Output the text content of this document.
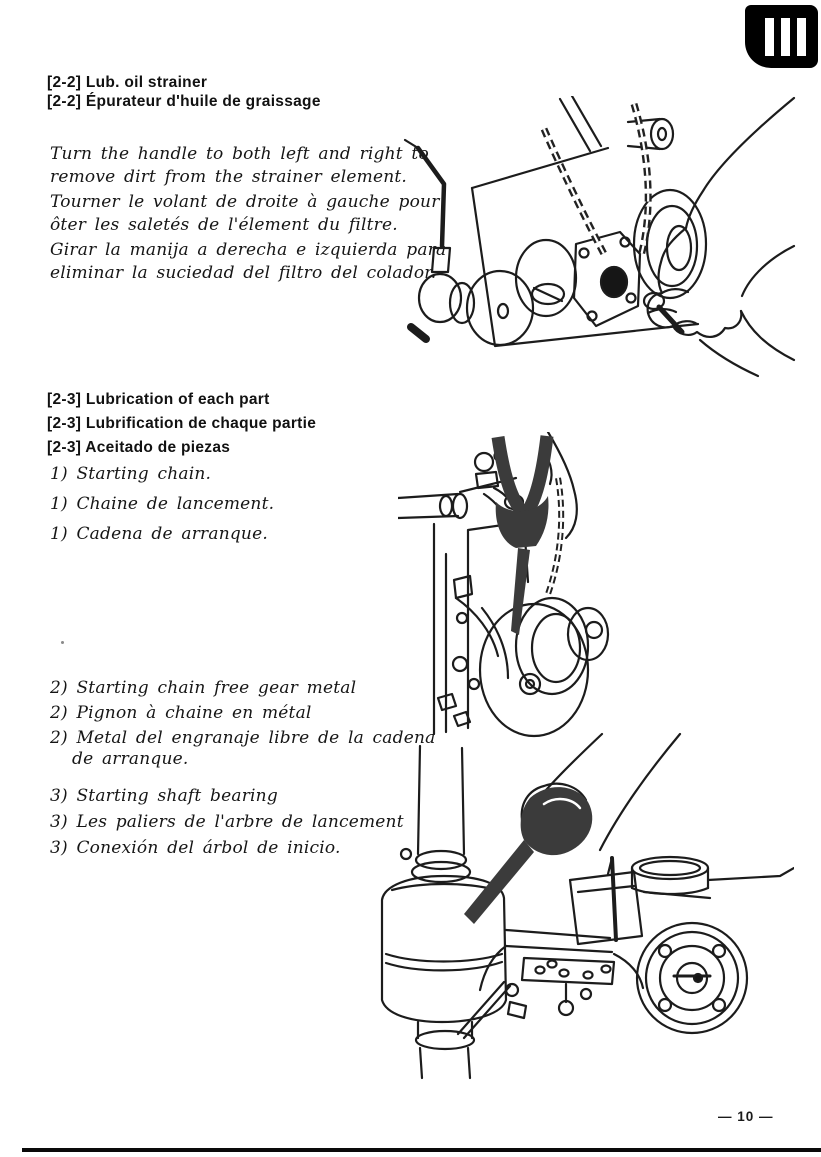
[2-2] Lub. oil strainer
[2-2] Épurateur d'huile de graissage
Turn the handle to both left and right to
remove dirt from the strainer element.
Tourner le volant de droite à gauche pour
ôter les saletés de l'élement du filtre.
Girar la manija a derecha e izquierda para
eliminar la suciedad del filtro del colador.
[2-3] Lubrication of each part
[2-3] Lubrification de chaque partie
[2-3] Aceitado de piezas
1) Starting chain.
1) Chaine de lancement.
1) Cadena de arranque.
2) Starting chain free gear metal
2) Pignon à chaine en métal
2) Metal del engranaje libre de la cadena
de arranque.
3) Starting shaft bearing
3) Les paliers de l'arbre de lancement
3) Conexión del árbol de inicio.
— 10 —
